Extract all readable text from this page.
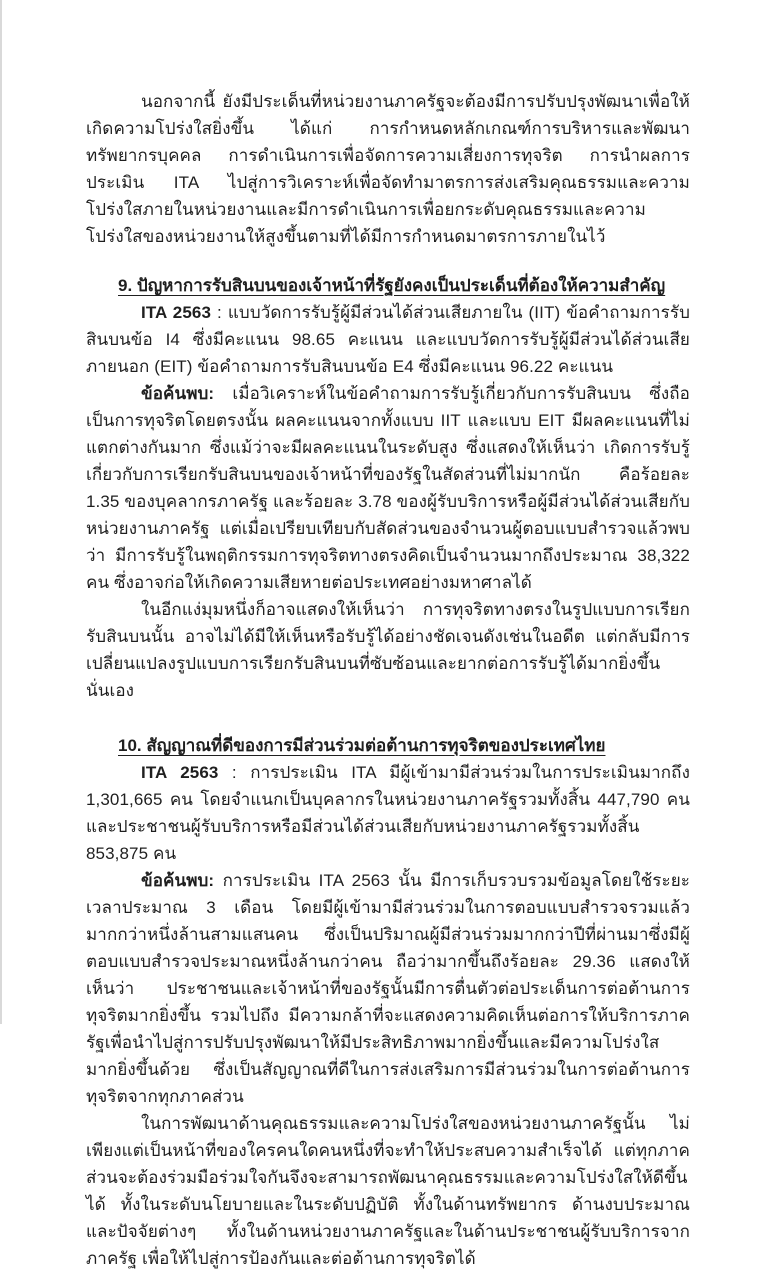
นอกจากนี้ ยังมีประเด็นที่หน่วยงานภาครัฐจะต้องมีการปรับปรุงพัฒนาเพื่อให้เกิดความโปร่งใสยิ่งขึ้น ได้แก่ การกำหนดหลักเกณฑ์การบริหารและพัฒนาทรัพยากรบุคคล การดำเนินการเพื่อจัดการความเสี่ยงการทุจริต การนำผลการประเมิน ITA ไปสู่การวิเคราะห์เพื่อจัดทำมาตรการส่งเสริมคุณธรรมและความโปร่งใสภายในหน่วยงานและมีการดำเนินการเพื่อยกระดับคุณธรรมและความโปร่งใสของหน่วยงานให้สูงขึ้นตามที่ได้มีการกำหนดมาตรการภายในไว้

9. ปัญหาการรับสินบนของเจ้าหน้าที่รัฐยังคงเป็นประเด็นที่ต้องให้ความสำคัญ

ITA 2563 : แบบวัดการรับรู้ผู้มีส่วนได้ส่วนเสียภายใน (IIT) ข้อคำถามการรับสินบนข้อ I4 ซึ่งมีคะแนน 98.65 คะแนน และแบบวัดการรับรู้ผู้มีส่วนได้ส่วนเสียภายนอก (EIT) ข้อคำถามการรับสินบนข้อ E4 ซึ่งมีคะแนน 96.22 คะแนน

ข้อค้นพบ: เมื่อวิเคราะห์ในข้อคำถามการรับรู้เกี่ยวกับการรับสินบน ซึ่งถือเป็นการทุจริตโดยตรงนั้น ผลคะแนนจากทั้งแบบ IIT และแบบ EIT มีผลคะแนนที่ไม่แตกต่างกันมาก ซึ่งแม้ว่าจะมีผลคะแนนในระดับสูง ซึ่งแสดงให้เห็นว่า เกิดการรับรู้เกี่ยวกับการเรียกรับสินบนของเจ้าหน้าที่ของรัฐในสัดส่วนที่ไม่มากนัก คือร้อยละ 1.35 ของบุคลากรภาครัฐ และร้อยละ 3.78 ของผู้รับบริการหรือผู้มีส่วนได้ส่วนเสียกับหน่วยงานภาครัฐ แต่เมื่อเปรียบเทียบกับสัดส่วนของจำนวนผู้ตอบแบบสำรวจแล้วพบว่า มีการรับรู้ในพฤติกรรมการทุจริตทางตรงคิดเป็นจำนวนมากถึงประมาณ 38,322 คน ซึ่งอาจก่อให้เกิดความเสียหายต่อประเทศอย่างมหาศาลได้

ในอีกแง่มุมหนึ่งก็อาจแสดงให้เห็นว่า การทุจริตทางตรงในรูปแบบการเรียกรับสินบนนั้น อาจไม่ได้มีให้เห็นหรือรับรู้ได้อย่างชัดเจนดังเช่นในอดีต แต่กลับมีการเปลี่ยนแปลงรูปแบบการเรียกรับสินบนที่ซับซ้อนและยากต่อการรับรู้ได้มากยิ่งขึ้นนั่นเอง

10. สัญญาณที่ดีของการมีส่วนร่วมต่อต้านการทุจริตของประเทศไทย

ITA 2563 : การประเมิน ITA มีผู้เข้ามามีส่วนร่วมในการประเมินมากถึง 1,301,665 คน โดยจำแนกเป็นบุคลากรในหน่วยงานภาครัฐรวมทั้งสิ้น 447,790 คน และประชาชนผู้รับบริการหรือมีส่วนได้ส่วนเสียกับหน่วยงานภาครัฐรวมทั้งสิ้น 853,875 คน

ข้อค้นพบ: การประเมิน ITA 2563 นั้น มีการเก็บรวบรวมข้อมูลโดยใช้ระยะเวลาประมาณ 3 เดือน โดยมีผู้เข้ามามีส่วนร่วมในการตอบแบบสำรวจรวมแล้วมากกว่าหนึ่งล้านสามแสนคน ซึ่งเป็นปริมาณผู้มีส่วนร่วมมากกว่าปีที่ผ่านมาซึ่งมีผู้ตอบแบบสำรวจประมาณหนึ่งล้านกว่าคน ถือว่ามากขึ้นถึงร้อยละ 29.36 แสดงให้เห็นว่า ประชาชนและเจ้าหน้าที่ของรัฐนั้นมีการตื่นตัวต่อประเด็นการต่อต้านการทุจริตมากยิ่งขึ้น รวมไปถึง มีความกล้าที่จะแสดงความคิดเห็นต่อการให้บริการภาครัฐเพื่อนำไปสู่การปรับปรุงพัฒนาให้มีประสิทธิภาพมากยิ่งขึ้นและมีความโปร่งใสมากยิ่งขึ้นด้วย ซึ่งเป็นสัญญาณที่ดีในการส่งเสริมการมีส่วนร่วมในการต่อต้านการทุจริตจากทุกภาคส่วน

ในการพัฒนาด้านคุณธรรมและความโปร่งใสของหน่วยงานภาครัฐนั้น ไม่เพียงแต่เป็นหน้าที่ของใครคนใดคนหนึ่งที่จะทำให้ประสบความสำเร็จได้ แต่ทุกภาคส่วนจะต้องร่วมมือร่วมใจกันจึงจะสามารถพัฒนาคุณธรรมและความโปร่งใสให้ดีขึ้นได้ ทั้งในระดับนโยบายและในระดับปฏิบัติ ทั้งในด้านทรัพยากร ด้านงบประมาณและปัจจัยต่างๆ ทั้งในด้านหน่วยงานภาครัฐและในด้านประชาชนผู้รับบริการจากภาครัฐ เพื่อให้ไปสู่การป้องกันและต่อต้านการทุจริตได้
